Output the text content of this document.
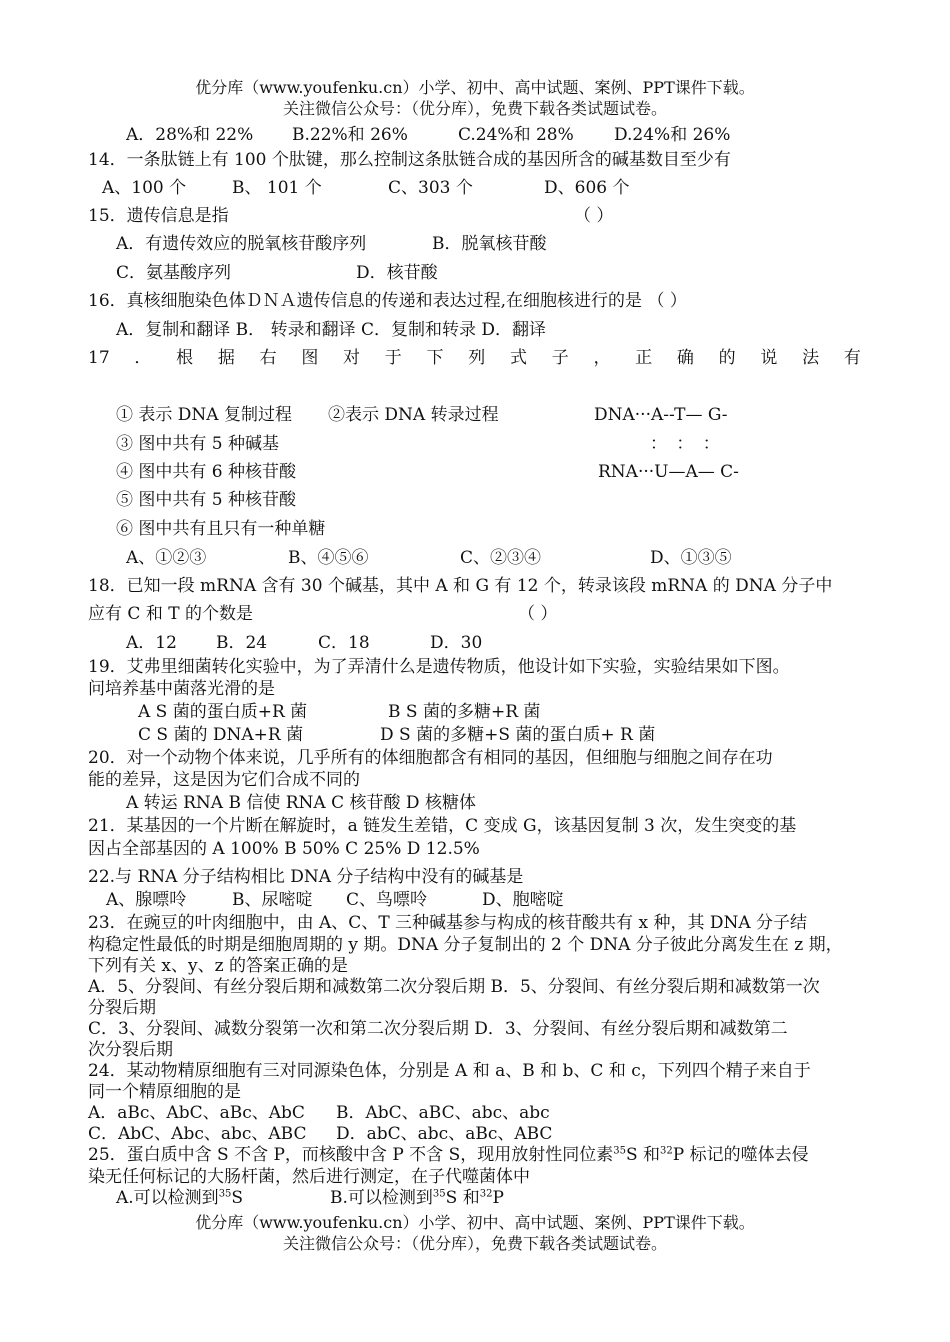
优分库（www.youfenku.cn）小学、初中、高中试题、案例、PPT课件下载。
关注微信公众号：（优分库），免费下载各类试题试卷。
A．28%和 22% B.22%和 26%	C.24%和 28% D.24%和 26%
14．一条肽链上有 100 个肽键，那么控制这条肽链合成的基因所含的碱基数目至少有
A、100 个	B、 101 个	C、303 个	D、606 个
15．遗传信息是指	（ ）
A．有遗传效应的脱氧核苷酸序列	B．脱氧核苷酸
C．氨基酸序列	D．核苷酸
16．真核细胞染色体ＤＮＡ遗传信息的传递和表达过程,在细胞核进行的是 （ ）
A．复制和翻译 B． 转录和翻译 C．复制和转录 D．翻译
17 ． 根 据 右 图 对 于 下 列 式 子 ， 正 确 的 说 法 有
① 表示 DNA 复制过程 ②表示 DNA 转录过程	DNA···A--T— G-
③ 图中共有 5 种碱基	： ： ：
④ 图中共有 6 种核苷酸	RNA···U—A— C-
⑤ 图中共有 5 种核苷酸
⑥ 图中共有且只有一种单糖
A、①②③	B、④⑤⑥	C、②③④	D、①③⑤
18．已知一段 mRNA 含有 30 个碱基，其中 A 和 G 有 12 个，转录该段 mRNA 的 DNA 分子中
应有 C 和 T 的个数是	（ ）
A．12 B．24	C．18	D．30
19．艾弗里细菌转化实验中，为了弄清什么是遗传物质，他设计如下实验，实验结果如下图。
问培养基中菌落光滑的是
A S 菌的蛋白质+R 菌	B S 菌的多糖+R 菌
C S 菌的 DNA+R 菌	D S 菌的多糖+S 菌的蛋白质+ R 菌
20．对一个动物个体来说，几乎所有的体细胞都含有相同的基因，但细胞与细胞之间存在功
能的差异，这是因为它们合成不同的
A 转运 RNA B 信使 RNA C 核苷酸 D 核糖体
21．某基因的一个片断在解旋时，a 链发生差错，C 变成 G，该基因复制 3 次，发生突变的基
因占全部基因的 A 100% B 50% C 25% D 12.5%
22.与 RNA 分子结构相比 DNA 分子结构中没有的碱基是
A、腺嘌呤	B、尿嘧啶 C、鸟嘌呤	D、胞嘧啶
23．在豌豆的叶肉细胞中，由 A、C、T 三种碱基参与构成的核苷酸共有 x 种，其 DNA 分子结
构稳定性最低的时期是细胞周期的 y 期。DNA 分子复制出的 2 个 DNA 分子彼此分离发生在 z 期，
下列有关 x、y、z 的答案正确的是
A．5、分裂间、有丝分裂后期和减数第二次分裂后期 B．5、分裂间、有丝分裂后期和减数第一次
分裂后期
C．3、分裂间、减数分裂第一次和第二次分裂后期 D．3、分裂间、有丝分裂后期和减数第二
次分裂后期
24．某动物精原细胞有三对同源染色体，分别是 A 和 a、B 和 b、C 和 c，下列四个精子来自于
同一个精原细胞的是
A．aBc、AbC、aBc、AbC B．AbC、aBC、abc、abc
C．AbC、Abc、abc、ABC D．abC、abc、aBc、ABC
25．蛋白质中含 S 不含 P，而核酸中含 P 不含 S，现用放射性同位素$^{35}$S 和$^{32}$P 标记的噬体去侵
染无任何标记的大肠杆菌，然后进行测定，在子代噬菌体中
A.可以检测到$^{35}$S	B.可以检测到$^{35}$S 和$^{32}$P
优分库（www.youfenku.cn）小学、初中、高中试题、案例、PPT课件下载。
关注微信公众号：（优分库），免费下载各类试题试卷。
